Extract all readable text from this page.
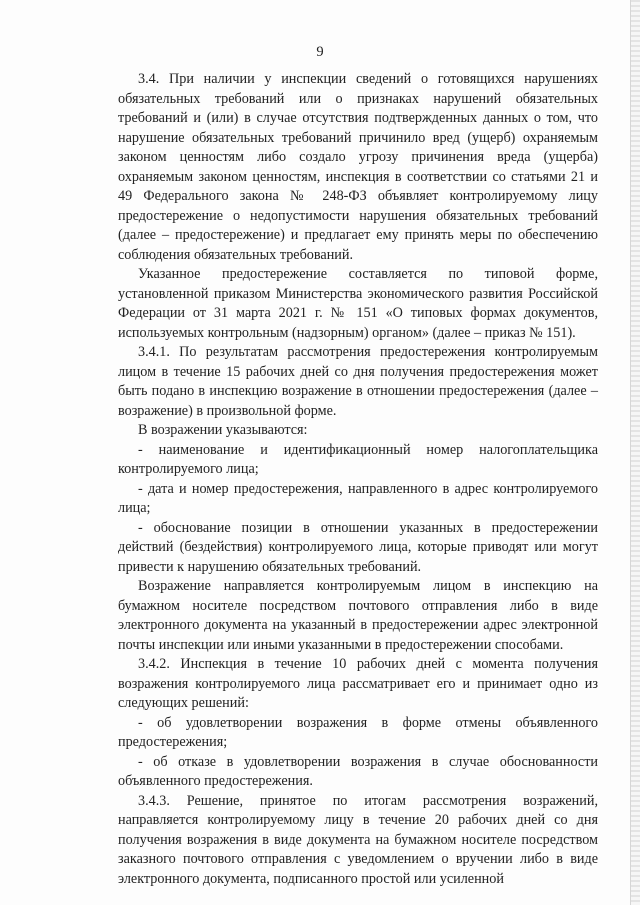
9

3.4. При наличии у инспекции сведений о готовящихся нарушениях обязательных требований или о признаках нарушений обязательных требований и (или) в случае отсутствия подтвержденных данных о том, что нарушение обязательных требований причинило вред (ущерб) охраняемым законом ценностям либо создало угрозу причинения вреда (ущерба) охраняемым законом ценностям, инспекция в соответствии со статьями 21 и 49 Федерального закона № 248-ФЗ объявляет контролируемому лицу предостережение о недопустимости нарушения обязательных требований (далее – предостережение) и предлагает ему принять меры по обеспечению соблюдения обязательных требований.

Указанное предостережение составляется по типовой форме, установленной приказом Министерства экономического развития Российской Федерации от 31 марта 2021 г. № 151 «О типовых формах документов, используемых контрольным (надзорным) органом» (далее – приказ № 151).

3.4.1. По результатам рассмотрения предостережения контролируемым лицом в течение 15 рабочих дней со дня получения предостережения может быть подано в инспекцию возражение в отношении предостережения (далее – возражение) в произвольной форме.

В возражении указываются:

- наименование и идентификационный номер налогоплательщика контролируемого лица;

- дата и номер предостережения, направленного в адрес контролируемого лица;

- обоснование позиции в отношении указанных в предостережении действий (бездействия) контролируемого лица, которые приводят или могут привести к нарушению обязательных требований.

Возражение направляется контролируемым лицом в инспекцию на бумажном носителе посредством почтового отправления либо в виде электронного документа на указанный в предостережении адрес электронной почты инспекции или иными указанными в предостережении способами.

3.4.2. Инспекция в течение 10 рабочих дней с момента получения возражения контролируемого лица рассматривает его и принимает одно из следующих решений:

- об удовлетворении возражения в форме отмены объявленного предостережения;

- об отказе в удовлетворении возражения в случае обоснованности объявленного предостережения.

3.4.3. Решение, принятое по итогам рассмотрения возражений, направляется контролируемому лицу в течение 20 рабочих дней со дня получения возражения в виде документа на бумажном носителе посредством заказного почтового отправления с уведомлением о вручении либо в виде электронного документа, подписанного простой или усиленной
